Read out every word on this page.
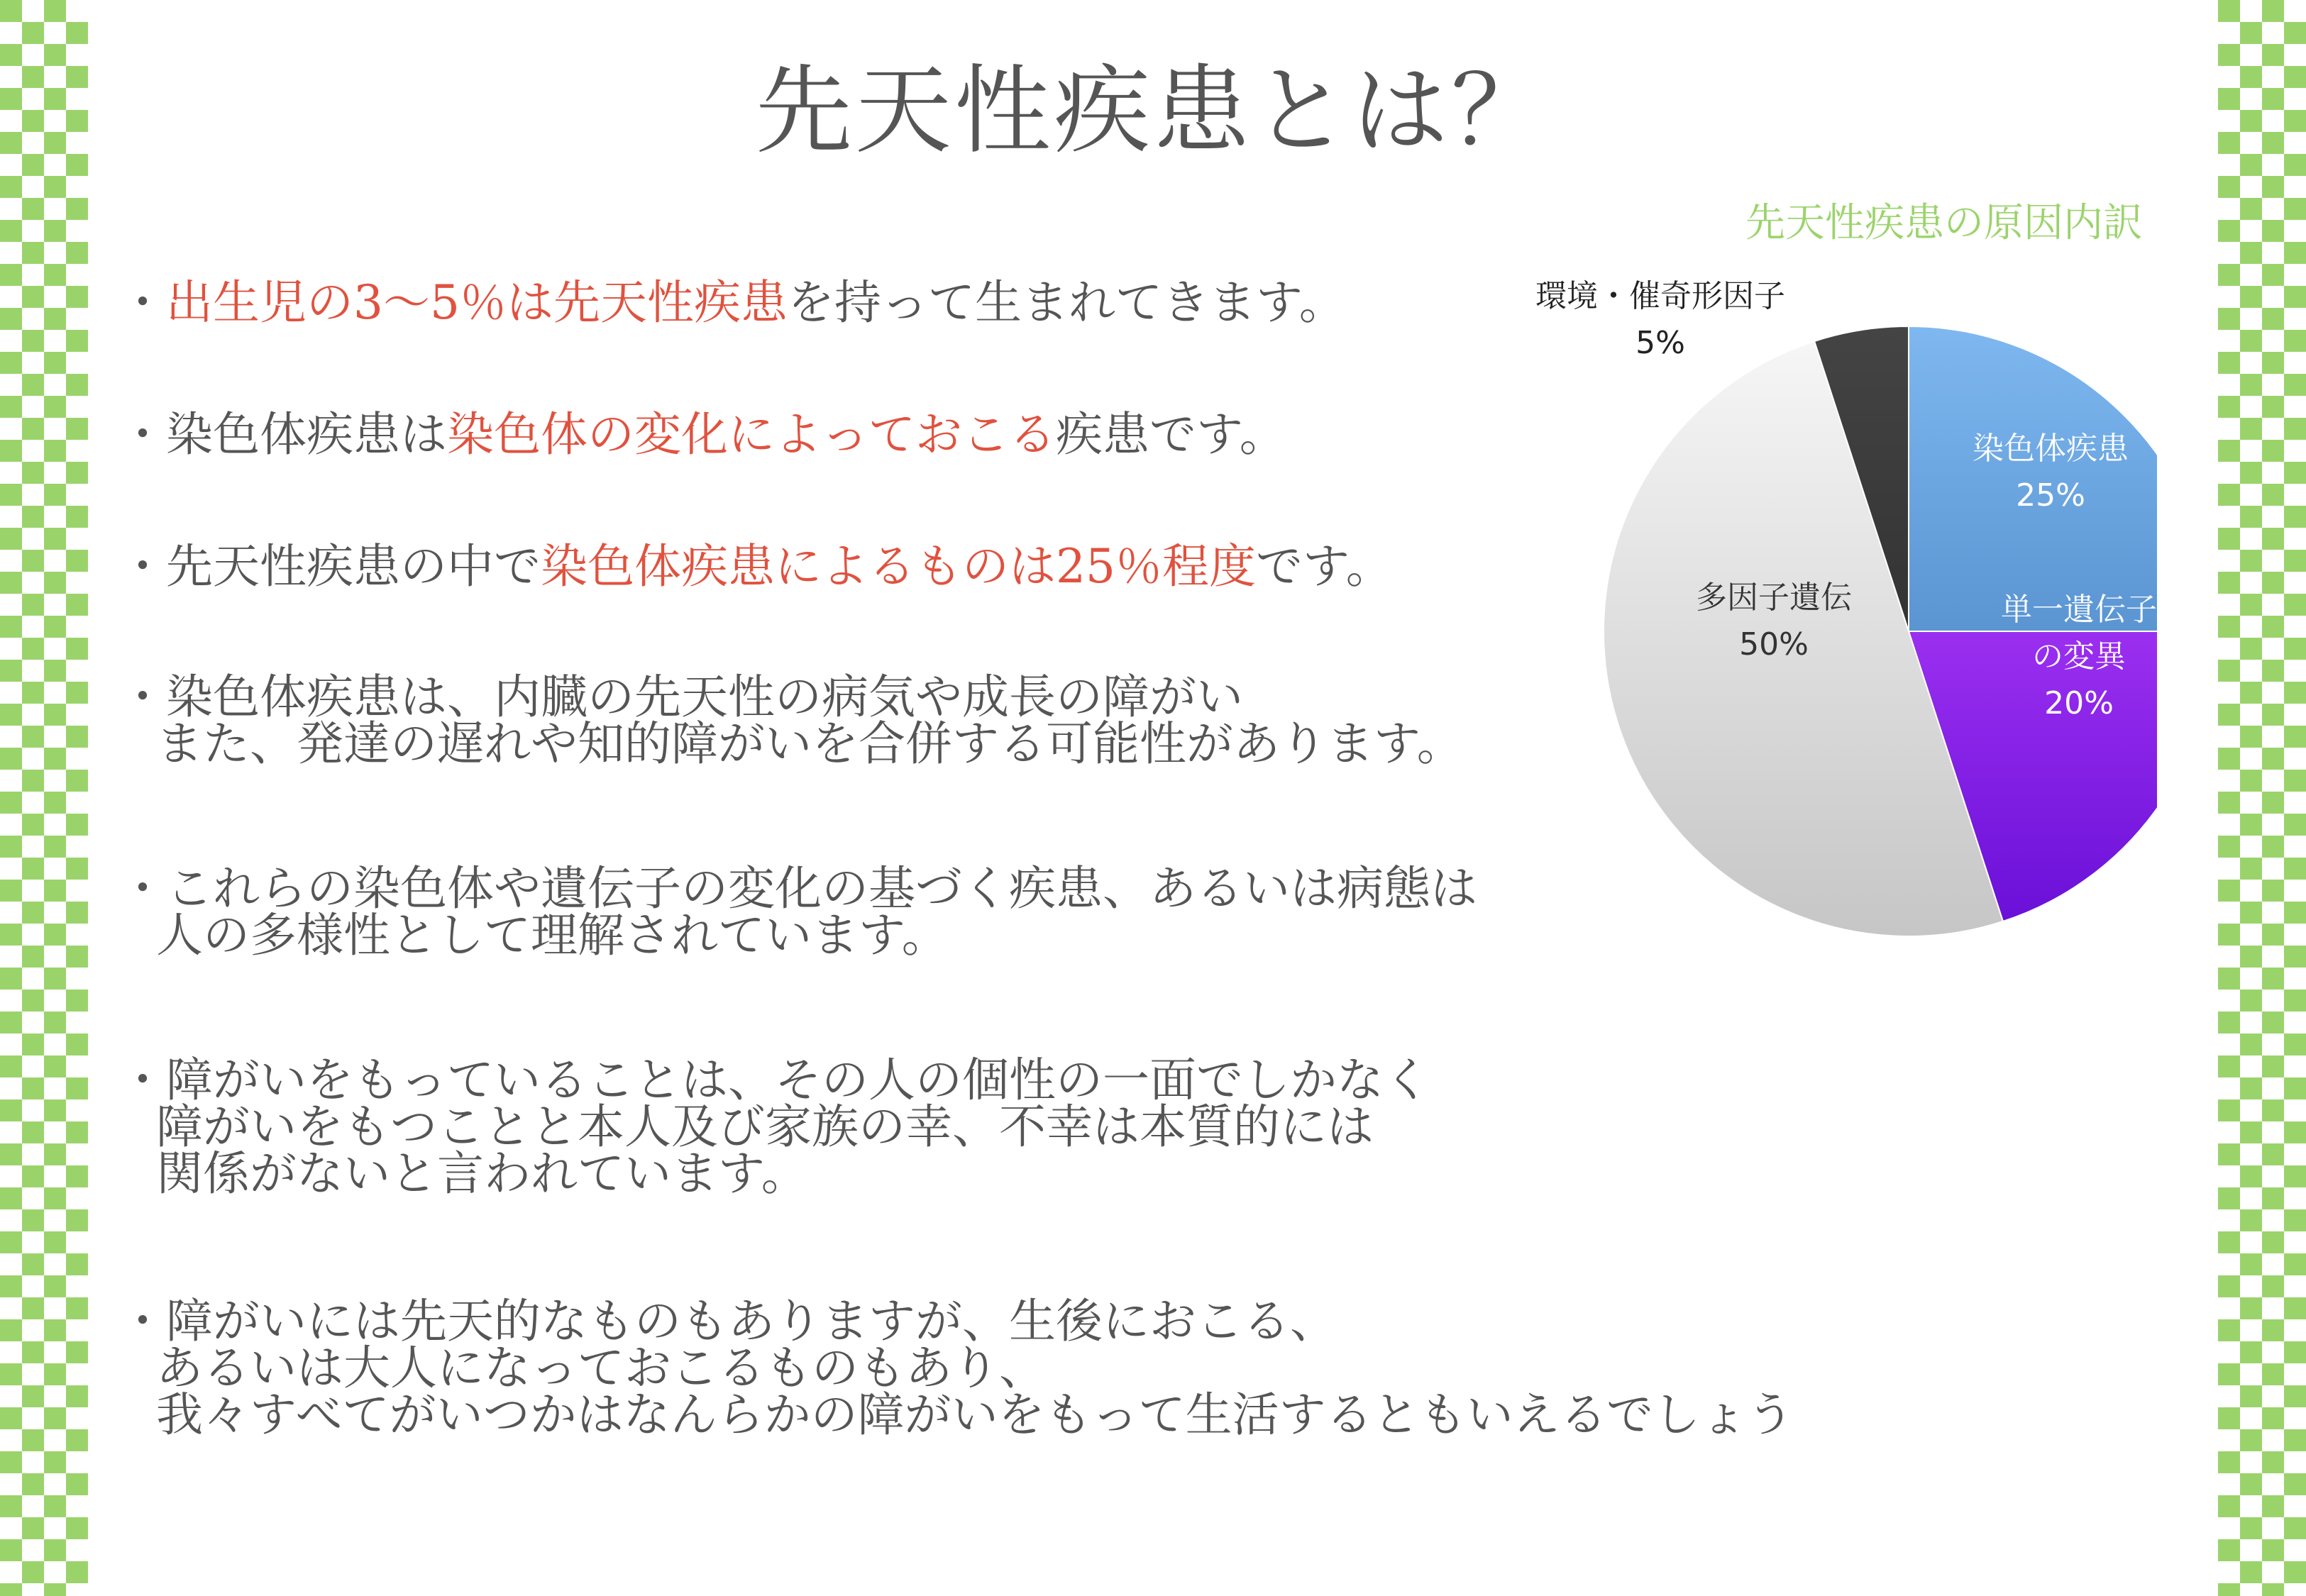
先天性疾患とは？
・出生児の3～5％は先天性疾患を持って生まれてきます。
・染色体疾患は染色体の変化によっておこる疾患です。
・先天性疾患の中で染色体疾患によるものは25％程度です。
・染色体疾患は、内臓の先天性の病気や成長の障がい
また、発達の遅れや知的障がいを合併する可能性があります。
・これらの染色体や遺伝子の変化の基づく疾患、あるいは病態は
人の多様性として理解されています。
・障がいをもっていることは、その人の個性の一面でしかなく
障がいをもつことと本人及び家族の幸、不幸は本質的には
関係がないと言われています。
・障がいには先天的なものもありますが、生後におこる、
あるいは大人になっておこるものもあり、
我々すべてがいつかはなんらかの障がいをもって生活するともいえるでしょう
先天性疾患の原因内訳
染色体疾患
25%
単一遺伝子
の変異
20%
多因子遺伝
50%
環境・催奇形因子
5%
